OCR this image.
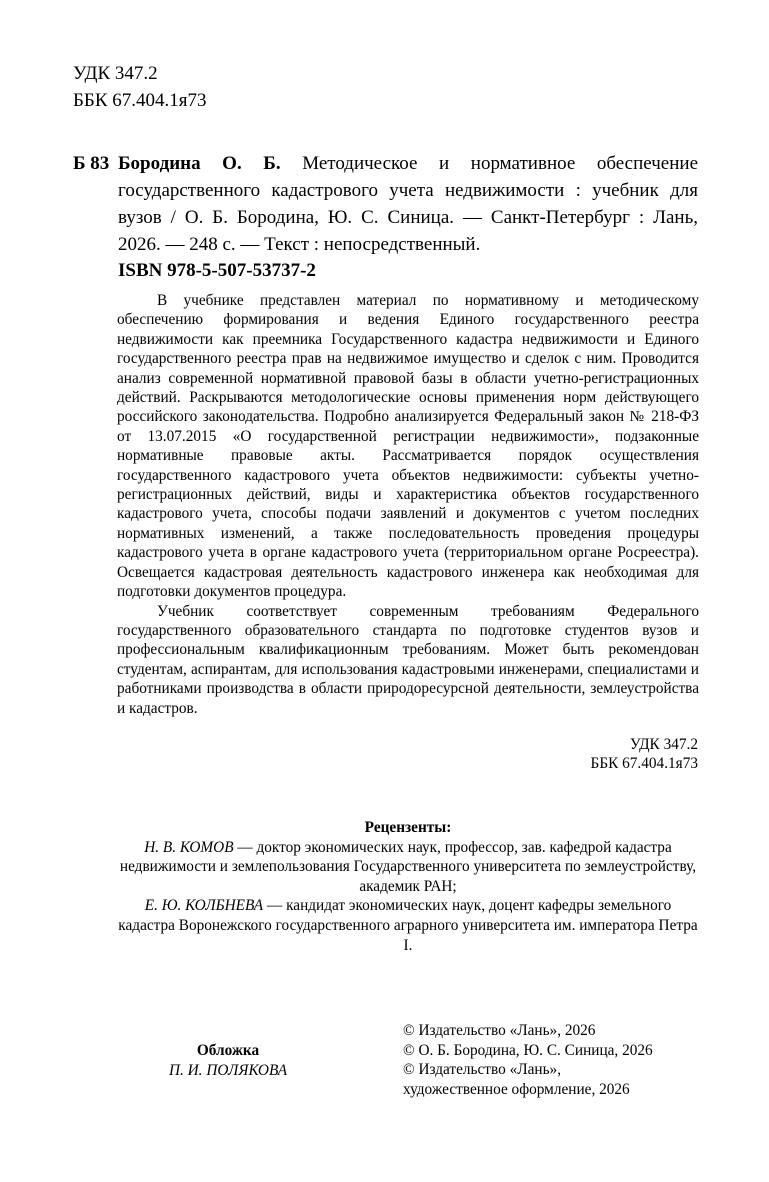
УДК 347.2
ББК 67.404.1я73
Б 83 Бородина О. Б. Методическое и нормативное обеспечение государственного кадастрового учета недвижимости : учебник для вузов / О. Б. Бородина, Ю. С. Синица. — Санкт-Петербург : Лань, 2026. — 248 с. — Текст : непосредственный.
ISBN 978-5-507-53737-2

В учебнике представлен материал по нормативному и методическому обеспечению формирования и ведения Единого государственного реестра недвижимости как преемника Государственного кадастра недвижимости и Единого государственного реестра прав на недвижимое имущество и сделок с ним. Проводится анализ современной нормативной правовой базы в области учетно-регистрационных действий. Раскрываются методологические основы применения норм действующего российского законодательства. Подробно анализируется Федеральный закон № 218-ФЗ от 13.07.2015 «О государственной регистрации недвижимости», подзаконные нормативные правовые акты. Рассматривается порядок осуществления государственного кадастрового учета объектов недвижимости: субъекты учетно-регистрационных действий, виды и характеристика объектов государственного кадастрового учета, способы подачи заявлений и документов с учетом последних нормативных изменений, а также последовательность проведения процедуры кадастрового учета в органе кадастрового учета (территориальном органе Росреестра). Освещается кадастровая деятельность кадастрового инженера как необходимая для подготовки документов процедура.

Учебник соответствует современным требованиям Федерального государственного образовательного стандарта по подготовке студентов вузов и профессиональным квалификационным требованиям. Может быть рекомендован студентам, аспирантам, для использования кадастровыми инженерами, специалистами и работниками производства в области природоресурсной деятельности, землеустройства и кадастров.

УДК 347.2
ББК 67.404.1я73
Рецензенты:
Н. В. КОМОВ — доктор экономических наук, профессор, зав. кафедрой кадастра недвижимости и землепользования Государственного университета по землеустройству, академик РАН;
Е. Ю. КОЛБНЕВА — кандидат экономических наук, доцент кафедры земельного кадастра Воронежского государственного аграрного университета им. императора Петра I.
Обложка
П. И. ПОЛЯКОВА
© Издательство «Лань», 2026
© О. Б. Бородина, Ю. С. Синица, 2026
© Издательство «Лань»,
художественное оформление, 2026
